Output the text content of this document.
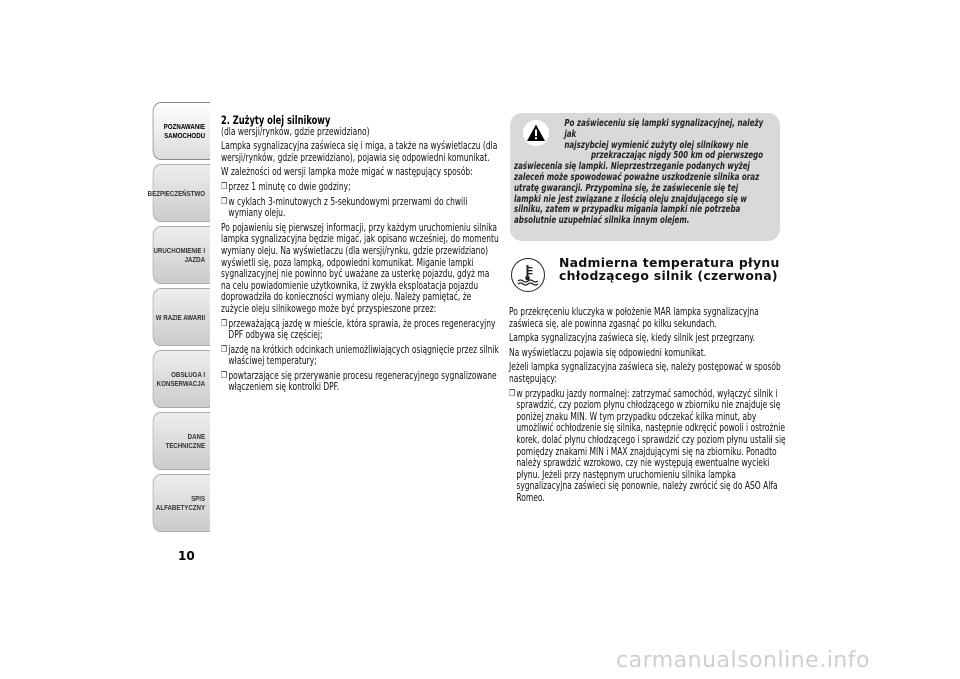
POZNAWANIE
SAMOCHODU
BEZPIECZEŃSTWO
URUCHOMIENIE I
JAZDA
W RAZIE AWARII
OBSŁUGA I
KONSERWACJA
DANE TECHNICZNE
SPIS ALFABETYCZNY
10
2. Zużyty olej silnikowy

(dla wersji/rynków, gdzie przewidziano)

Lampka sygnalizacyjna zaświeca się i miga, a także na wyświetlaczu (dla wersji/rynków, gdzie przewidziano), pojawia się odpowiedni komunikat.

W zależności od wersji lampka może migać w następujący sposób:

❒ przez 1 minutę co dwie godziny;
❒ w cyklach 3-minutowych z 5-sekundowymi przerwami do chwili wymiany oleju.

Po pojawieniu się pierwszej informacji, przy każdym uruchomieniu silnika lampka sygnalizacyjna będzie migać, jak opisano wcześniej, do momentu wymiany oleju. Na wyświetlaczu (dla wersji/rynku, gdzie przewidziano) wyświetli się, poza lampką, odpowiedni komunikat. Miganie lampki sygnalizacyjnej nie powinno być uważane za usterkę pojazdu, gdyż ma na celu powiadomienie użytkownika, iż zwykła eksploatacja pojazdu doprowadziła do konieczności wymiany oleju. Należy pamiętać, że zużycie oleju silnikowego może być przyspieszone przez:

❒ przeważającą jazdę w mieście, która sprawia, że proces regeneracyjny DPF odbywa się częściej;
❒ jazdę na krótkich odcinkach uniemożliwiających osiągnięcie przez silnik właściwej temperatury;
❒ powtarzające się przerywanie procesu regeneracyjnego sygnalizowane włączeniem się kontrolki DPF.
Po zaświeceniu się lampki sygnalizacyjnej, należy jak
najszybciej wymienić zużyty olej silnikowy nie
przekraczając nigdy 500 km od pierwszego
zaświecenia się lampki. Nieprzestrzeganie podanych wyżej zaleceń może spowodować poważne uszkodzenie silnika oraz utratę gwarancji. Przypomina się, że zaświecenie się tej lampki nie jest związane z ilością oleju znajdującego się w silniku, zatem w przypadku migania lampki nie potrzeba absolutnie uzupełniać silnika innym olejem.
Nadmierna temperatura płynu chłodzącego silnik (czerwona)

Po przekręceniu kluczyka w położenie MAR lampka sygnalizacyjna zaświeca się, ale powinna zgasnąć po kilku sekundach.

Lampka sygnalizacyjna zaświeca się, kiedy silnik jest przegrzany.

Na wyświetlaczu pojawia się odpowiedni komunikat.

Jeżeli lampka sygnalizacyjna zaświeca się, należy postępować w sposób następujący:

❒ w przypadku jazdy normalnej: zatrzymać samochód, wyłączyć silnik i sprawdzić, czy poziom płynu chłodzącego w zbiorniku nie znajduje się poniżej znaku MIN. W tym przypadku odczekać kilka minut, aby umożliwić ochłodzenie się silnika, następnie odkręcić powoli i ostrożnie korek, dolać płynu chłodzącego i sprawdzić czy poziom płynu ustalił się pomiędzy znakami MIN i MAX znajdującymi się na zbiorniku. Ponadto należy sprawdzić wzrokowo, czy nie występują ewentualne wycieki płynu. Jeżeli przy następnym uruchomieniu silnika lampka sygnalizacyjna zaświeci się ponownie, należy zwrócić się do ASO Alfa Romeo.
carmanualsonline.info
